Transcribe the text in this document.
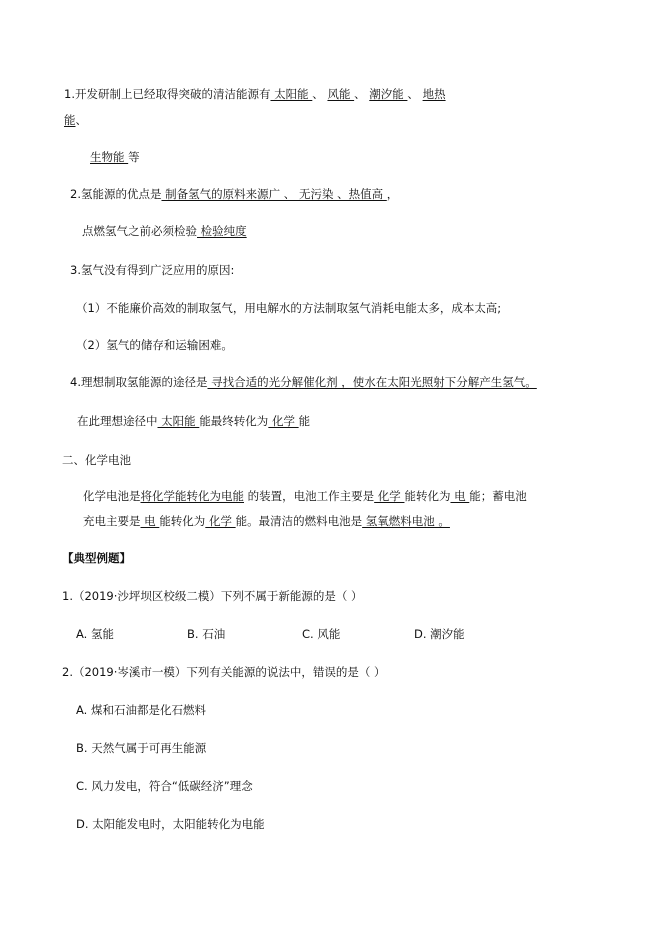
1.开发研制上已经取得突破的清洁能源有 太阳能 、 风能 、 潮汐能 、 地热
能、
生物能 等
2.氢能源的优点是 制备氢气的原料来源广 、 无污染 、热值高 ，
点燃氢气之前必须检验 检验纯度
3.氢气没有得到广泛应用的原因:
（1）不能廉价高效的制取氢气，用电解水的方法制取氢气消耗电能太多，成本太高;
（2）氢气的储存和运输困难。
4.理想制取氢能源的途径是 寻找合适的光分解催化剂 ，使水在太阳光照射下分解产生氢气。
在此理想途径中 太阳能 能最终转化为 化学 能
二、化学电池
化学电池是将化学能转化为电能 的装置，电池工作主要是 化学 能转化为 电 能；蓄电池
充电主要是 电 能转化为 化学 能。最清洁的燃料电池是 氢氧燃料电池 。
【典型例题】
1.（2019·沙坪坝区校级二模）下列不属于新能源的是（ ）
A. 氢能	B. 石油	C. 风能	D. 潮汐能
2.（2019·岑溪市一模）下列有关能源的说法中，错误的是（ ）
A. 煤和石油都是化石燃料
B. 天然气属于可再生能源
C. 风力发电，符合“低碳经济”理念
D. 太阳能发电时，太阳能转化为电能
